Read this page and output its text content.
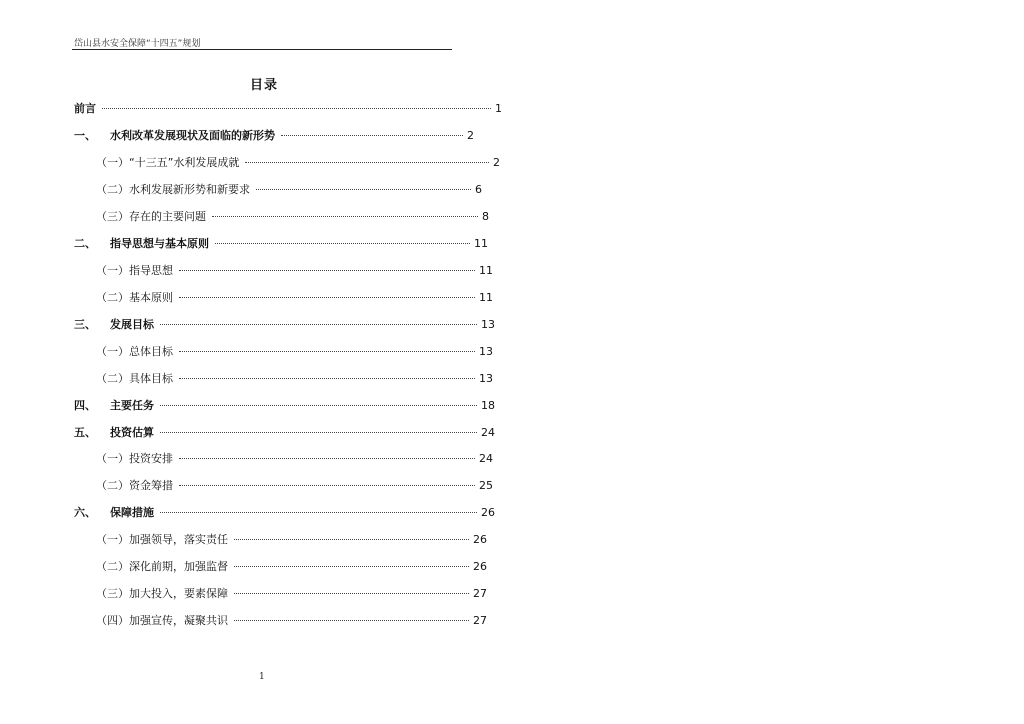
岱山县水安全保障“十四五”规划
目录
前言	1
一、	水利改革发展现状及面临的新形势	2
（一）“十三五”水利发展成就	2
（二）水利发展新形势和新要求	6
（三）存在的主要问题	8
二、	指导思想与基本原则	11
（一）指导思想	11
（二）基本原则	11
三、	发展目标	13
（一）总体目标	13
（二）具体目标	13
四、	主要任务	18
五、	投资估算	24
（一）投资安排	24
（二）资金筹措	25
六、	保障措施	26
（一）加强领导，落实责任	26
（二）深化前期，加强监督	26
（三）加大投入，要素保障	27
（四）加强宣传，凝聚共识	27
1
